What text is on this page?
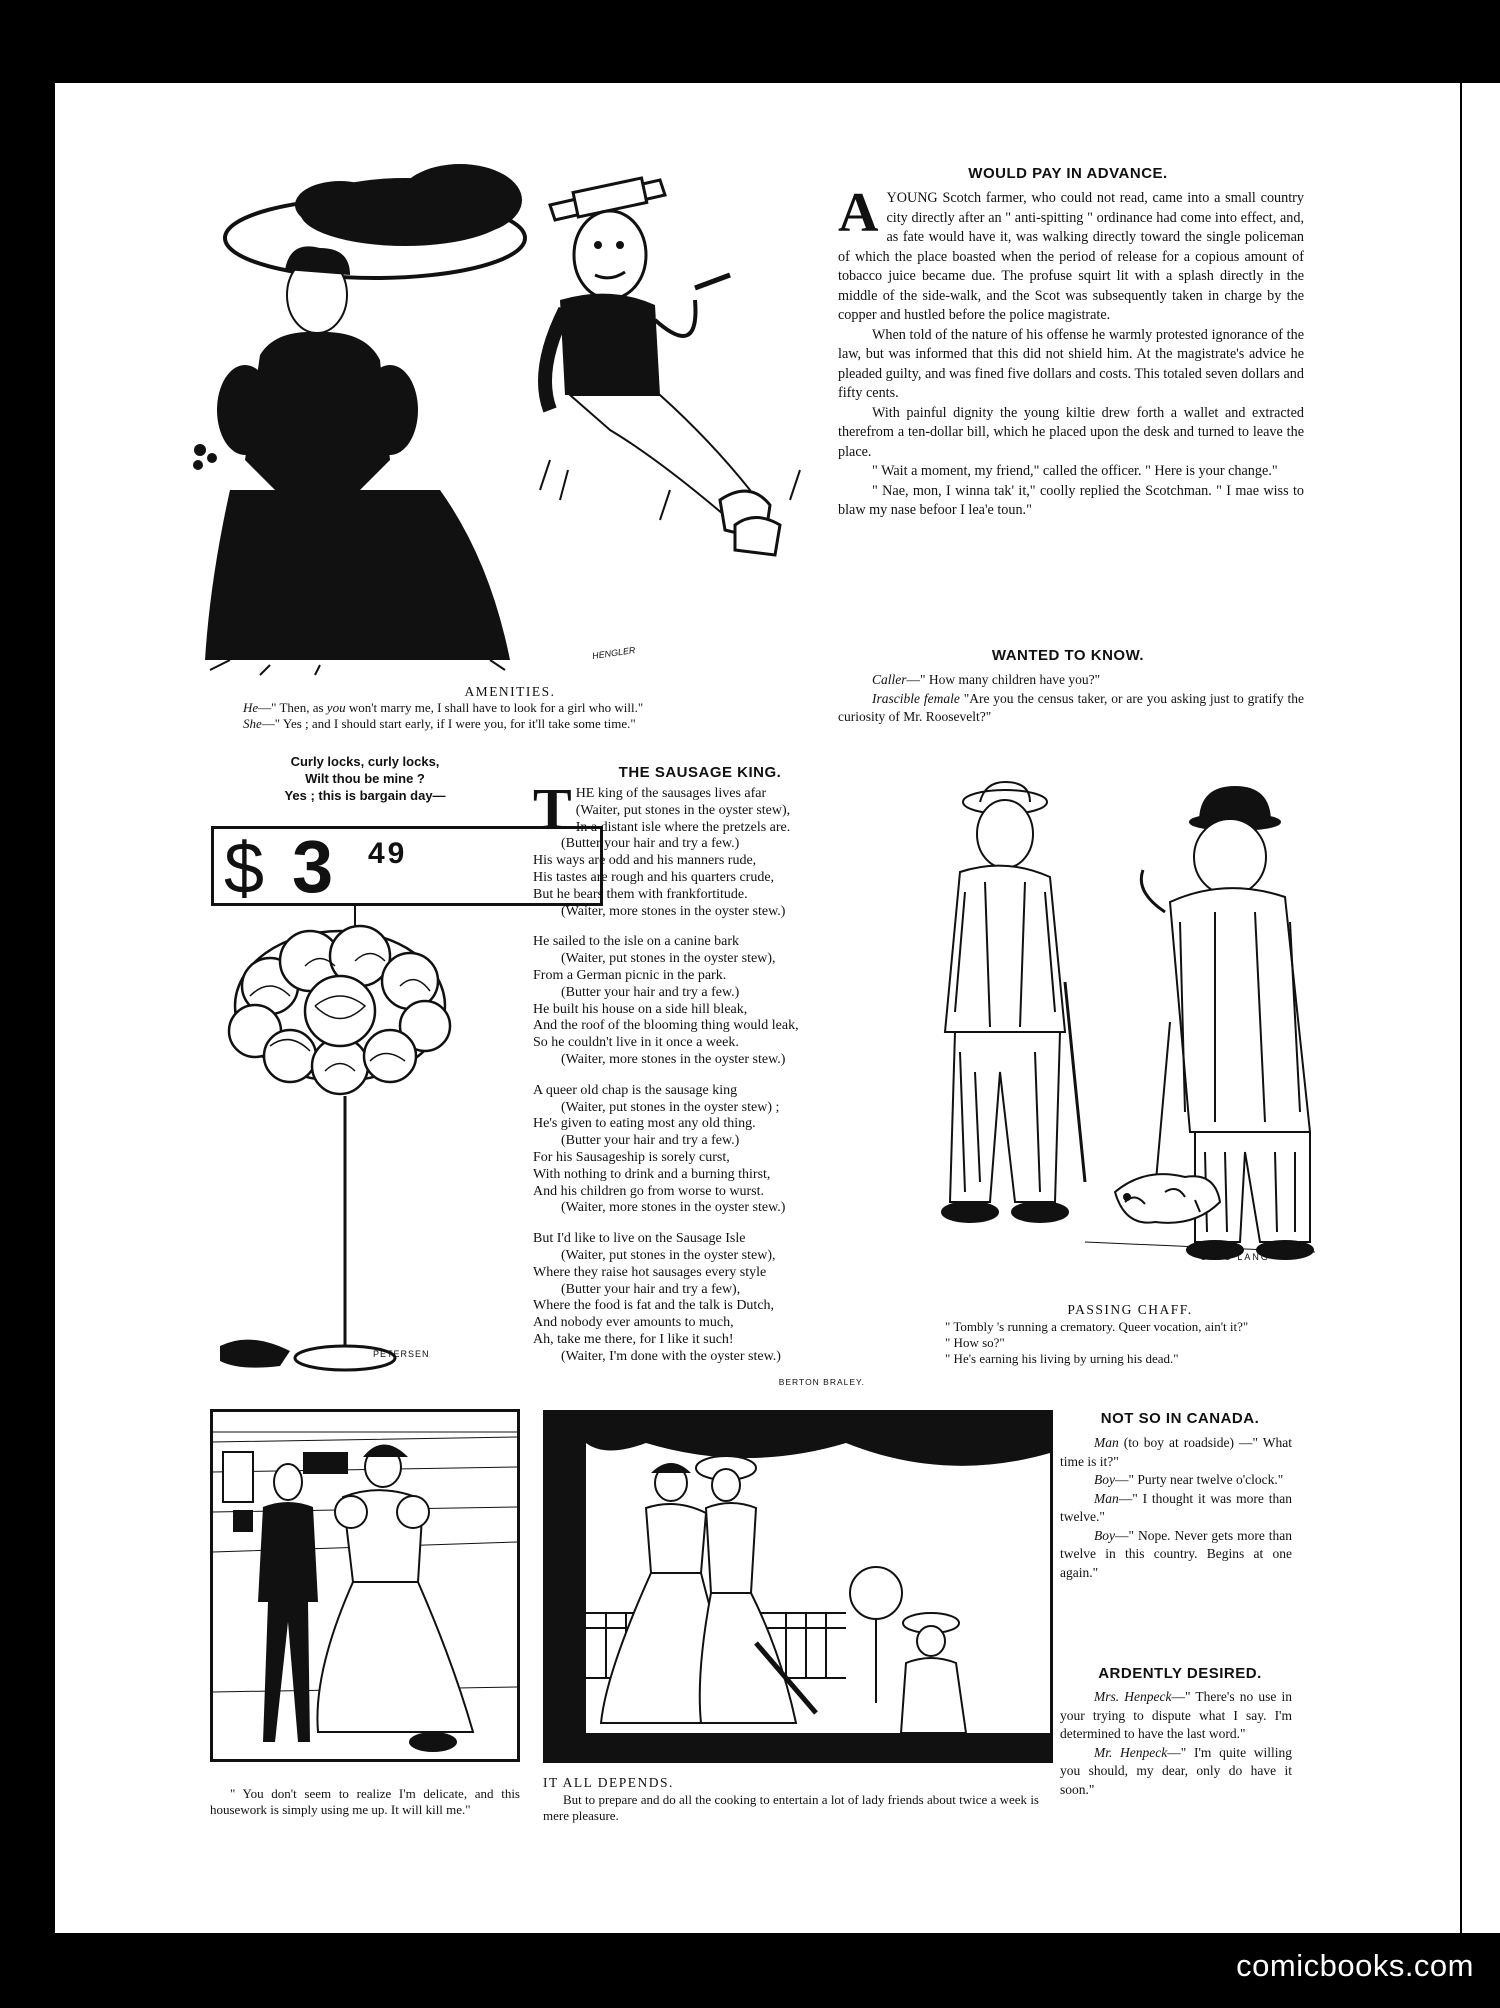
HENGLER
AMENITIES.
He—" Then, as you won't marry me, I shall have to look for a girl who will."
She—" Yes ; and I should start early, if I were you, for it'll take some time."
WOULD PAY IN ADVANCE.

AYOUNG Scotch farmer, who could not read, came into a small country city directly after an " anti-spitting " ordinance had come into effect, and, as fate would have it, was walking directly toward the single policeman of which the place boasted when the period of release for a copious amount of tobacco juice became due. The profuse squirt lit with a splash directly in the middle of the side-walk, and the Scot was subsequently taken in charge by the copper and hustled before the police magistrate.

When told of the nature of his offense he warmly protested ignorance of the law, but was informed that this did not shield him. At the magistrate's advice he pleaded guilty, and was fined five dollars and costs. This totaled seven dollars and fifty cents.

With painful dignity the young kiltie drew forth a wallet and extracted therefrom a ten-dollar bill, which he placed upon the desk and turned to leave the place.

" Wait a moment, my friend," called the officer. " Here is your change."

" Nae, mon, I winna tak' it," coolly replied the Scotchman. " I mae wiss to blaw my nase befoor I lea'e toun."

WANTED TO KNOW.

Caller—" How many children have you?"

Irascible female "Are you the census taker, or are you asking just to gratify the curiosity of Mr. Roosevelt?"

Curly locks, curly locks,
Wilt thou be mine ?
Yes ; this is bargain day—
$ 3 49
PETERSEN
THE SAUSAGE KING.
T HE king of the sausages lives afar
(Waiter, put stones in the oyster stew),
In a distant isle where the pretzels are.
(Butter your hair and try a few.)
His ways are odd and his manners rude,
His tastes are rough and his quarters crude,
But he bears them with frankfortitude.
(Waiter, more stones in the oyster stew.)
He sailed to the isle on a canine bark
(Waiter, put stones in the oyster stew),
From a German picnic in the park.
(Butter your hair and try a few.)
He built his house on a side hill bleak,
And the roof of the blooming thing would leak,
So he couldn't live in it once a week.
(Waiter, more stones in the oyster stew.)
A queer old chap is the sausage king
(Waiter, put stones in the oyster stew) ;
He's given to eating most any old thing.
(Butter your hair and try a few.)
For his Sausageship is sorely curst,
With nothing to drink and a burning thirst,
And his children go from worse to wurst.
(Waiter, more stones in the oyster stew.)
But I'd like to live on the Sausage Isle
(Waiter, put stones in the oyster stew),
Where they raise hot sausages every style
(Butter your hair and try a few),
Where the food is fat and the talk is Dutch,
And nobody ever amounts to much,
Ah, take me there, for I like it such!
(Waiter, I'm done with the oyster stew.)
BERTON BRALEY.
OTTO LANG
PASSING CHAFF.
" Tombly 's running a crematory. Queer vocation, ain't it?"
" How so?"
" He's earning his living by urning his dead."
" You don't seem to realize I'm delicate, and this housework is simply using me up. It will kill me."
IT ALL DEPENDS.
But to prepare and do all the cooking to entertain a lot of lady friends about twice a week is mere pleasure.
NOT SO IN CANADA.

Man (to boy at roadside) —" What time is it?"

Boy—" Purty near twelve o'clock."

Man—" I thought it was more than twelve."

Boy—" Nope. Never gets more than twelve in this country. Begins at one again."

ARDENTLY DESIRED.

Mrs. Henpeck—" There's no use in your trying to dispute what I say. I'm determined to have the last word."

Mr. Henpeck—" I'm quite willing you should, my dear, only do have it soon."

comicbooks.com
